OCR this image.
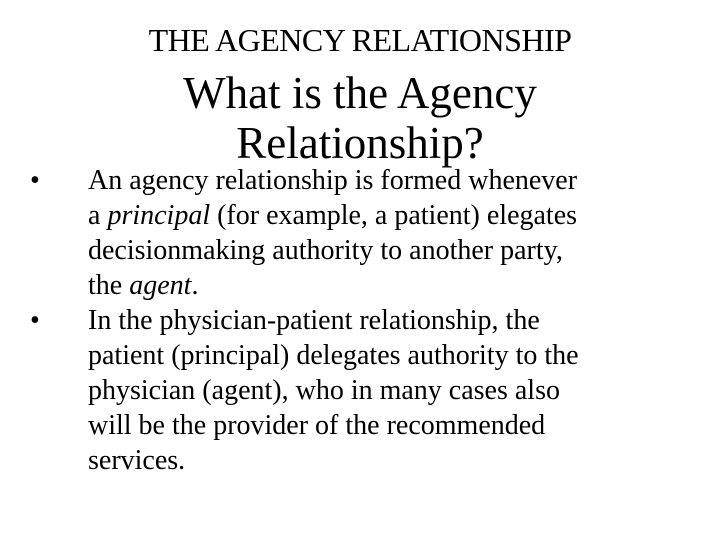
THE AGENCY RELATIONSHIP
What is the Agency
Relationship?
•	An agency relationship is formed whenever
a principal (for example, a patient) elegates
decisionmaking authority to another party,
the agent.
•	In the physician-patient relationship, the
patient (principal) delegates authority to the
physician (agent), who in many cases also
will be the provider of the recommended
services.
